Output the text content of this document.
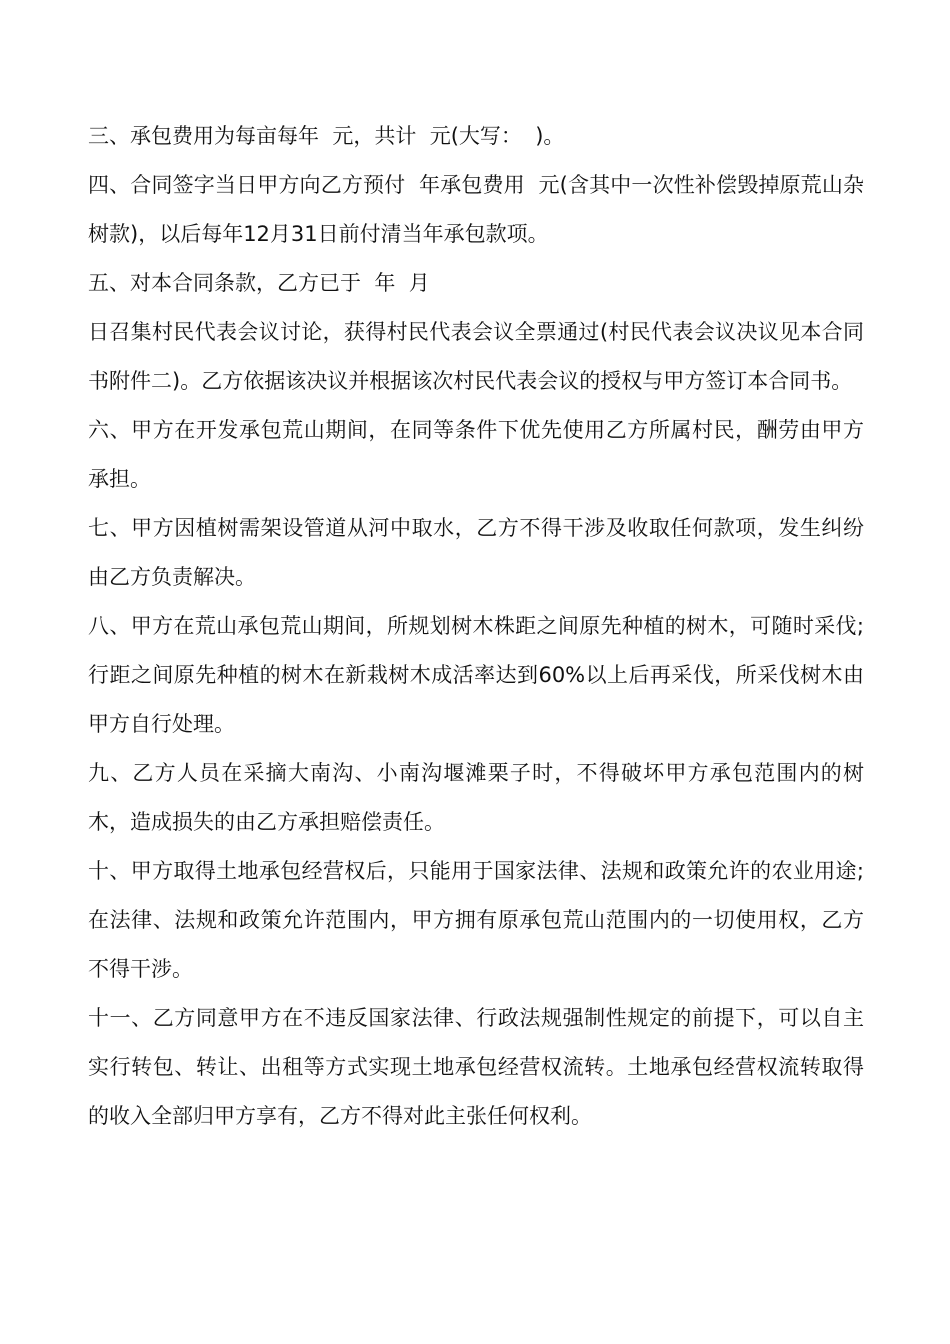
三、承包费用为每亩每年  元，共计  元(大写：  )。

四、合同签字当日甲方向乙方预付  年承包费用  元(含其中一次性补偿毁掉原荒山杂树款)，以后每年12月31日前付清当年承包款项。

五、对本合同条款，乙方已于  年  月

日召集村民代表会议讨论，获得村民代表会议全票通过(村民代表会议决议见本合同书附件二)。乙方依据该决议并根据该次村民代表会议的授权与甲方签订本合同书。

六、甲方在开发承包荒山期间，在同等条件下优先使用乙方所属村民，酬劳由甲方承担。

七、甲方因植树需架设管道从河中取水，乙方不得干涉及收取任何款项，发生纠纷由乙方负责解决。

八、甲方在荒山承包荒山期间，所规划树木株距之间原先种植的树木，可随时采伐;行距之间原先种植的树木在新栽树木成活率达到60%以上后再采伐，所采伐树木由甲方自行处理。

九、乙方人员在采摘大南沟、小南沟堰滩栗子时，不得破坏甲方承包范围内的树木，造成损失的由乙方承担赔偿责任。

十、甲方取得土地承包经营权后，只能用于国家法律、法规和政策允许的农业用途;在法律、法规和政策允许范围内，甲方拥有原承包荒山范围内的一切使用权，乙方不得干涉。

十一、乙方同意甲方在不违反国家法律、行政法规强制性规定的前提下，可以自主实行转包、转让、出租等方式实现土地承包经营权流转。土地承包经营权流转取得的收入全部归甲方享有，乙方不得对此主张任何权利。
